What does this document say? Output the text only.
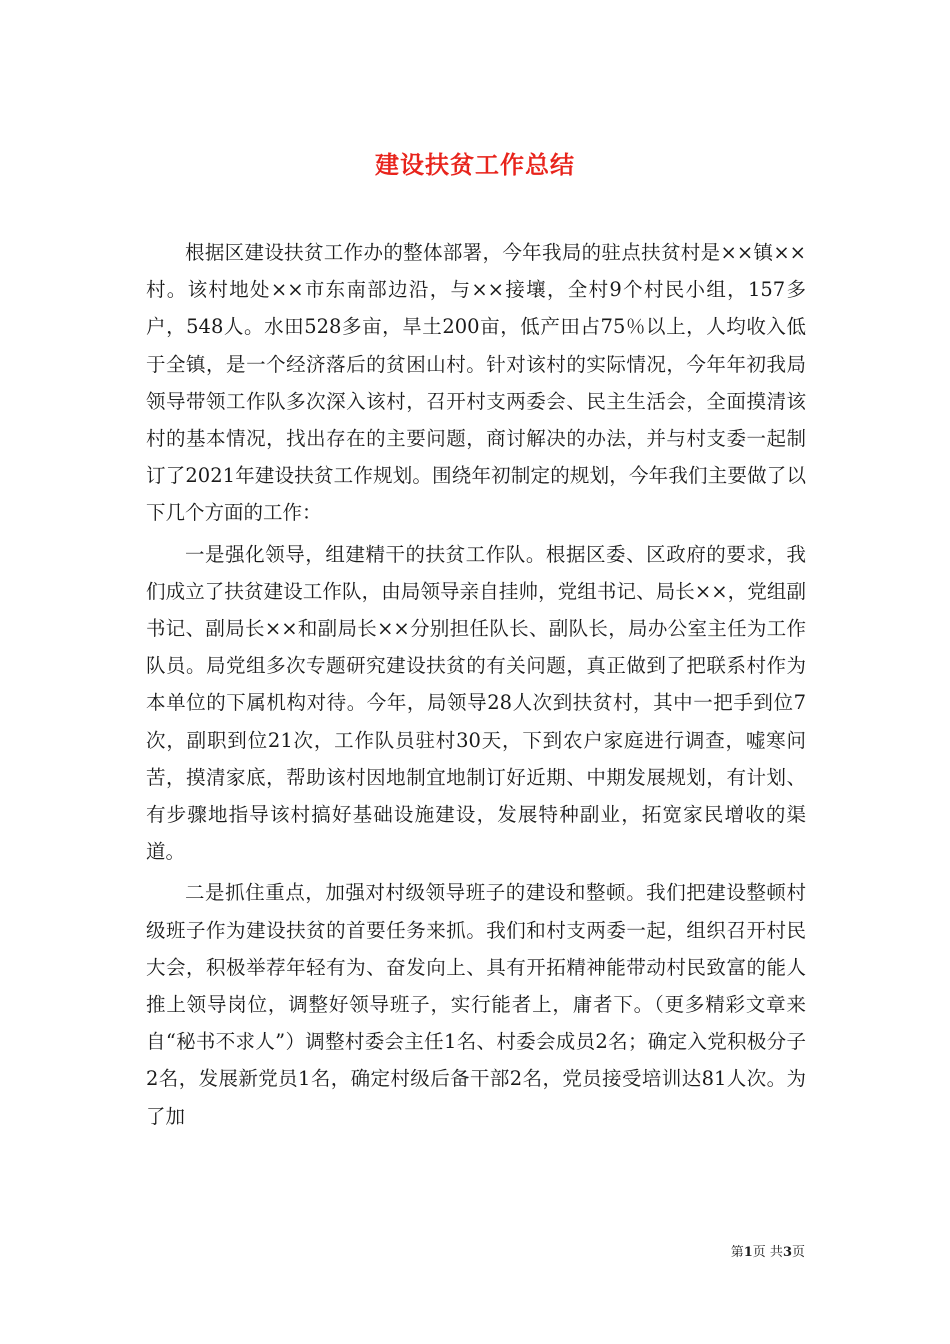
建设扶贫工作总结

根据区建设扶贫工作办的整体部署，今年我局的驻点扶贫村是××镇××村。该村地处××市东南部边沿，与××接壤，全村9个村民小组，157多户，548人。水田528多亩，旱土200亩，低产田占75％以上，人均收入低于全镇，是一个经济落后的贫困山村。针对该村的实际情况，今年年初我局领导带领工作队多次深入该村，召开村支两委会、民主生活会，全面摸清该村的基本情况，找出存在的主要问题，商讨解决的办法，并与村支委一起制订了2021年建设扶贫工作规划。围绕年初制定的规划，今年我们主要做了以下几个方面的工作：

一是强化领导，组建精干的扶贫工作队。根据区委、区政府的要求，我们成立了扶贫建设工作队，由局领导亲自挂帅，党组书记、局长××，党组副书记、副局长××和副局长××分别担任队长、副队长，局办公室主任为工作队员。局党组多次专题研究建设扶贫的有关问题，真正做到了把联系村作为本单位的下属机构对待。今年，局领导28人次到扶贫村，其中一把手到位7次，副职到位21次，工作队员驻村30天，下到农户家庭进行调查，嘘寒问苦，摸清家底，帮助该村因地制宜地制订好近期、中期发展规划，有计划、有步骤地指导该村搞好基础设施建设，发展特种副业，拓宽家民增收的渠道。

二是抓住重点，加强对村级领导班子的建设和整顿。我们把建设整顿村级班子作为建设扶贫的首要任务来抓。我们和村支两委一起，组织召开村民大会，积极举荐年轻有为、奋发向上、具有开拓精神能带动村民致富的能人推上领导岗位，调整好领导班子，实行能者上，庸者下。（更多精彩文章来自“秘书不求人”）调整村委会主任1名、村委会成员2名；确定入党积极分子2名，发展新党员1名，确定村级后备干部2名，党员接受培训达81人次。为了加

第1页 共3页
